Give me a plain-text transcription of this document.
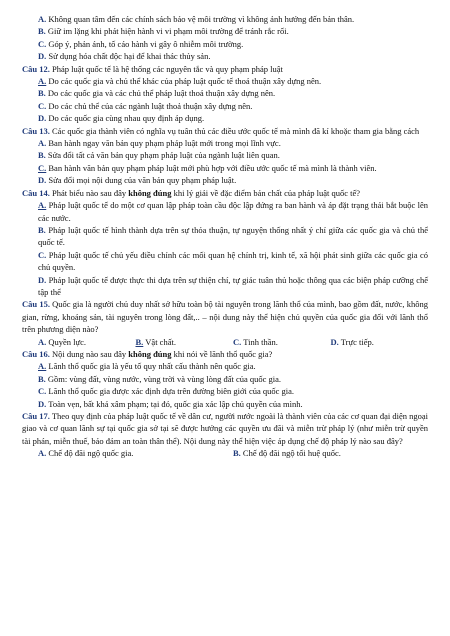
A. Không quan tâm đến các chính sách bảo vệ môi trường vì không ảnh hưởng đến bản thân.

B. Giữ im lặng khi phát hiện hành vi vi phạm môi trường để tránh rắc rối.

C. Góp ý, phản ánh, tố cáo hành vi gây ô nhiễm môi trường.

D. Sử dụng hóa chất độc hại để khai thác thủy sản.

Câu 12. Pháp luật quốc tế là hệ thống các nguyên tắc và quy phạm pháp luật

A. Do các quốc gia và chủ thể khác của pháp luật quốc tế thoả thuận xây dựng nên.

B. Do các quốc gia và các chủ thể pháp luật thoả thuận xây dựng nên.

C. Do các chủ thể của các ngành luật thoả thuận xây dựng nên.

D. Do các quốc gia cùng nhau quy định áp dụng.

Câu 13. Các quốc gia thành viên có nghĩa vụ tuân thủ các điều ước quốc tế mà mình đã kí khoặc tham gia bằng cách

A. Ban hành ngay văn bản quy phạm pháp luật mới trong mọi lĩnh vực.

B. Sửa đổi tất cả văn bản quy phạm pháp luật của ngành luật liên quan.

C. Ban hành văn bản quy phạm pháp luật mới phù hợp với điều ước quốc tế mà mình là thành viên.

D. Sửa đổi mọi nội dung của văn bản quy phạm pháp luật.

Câu 14. Phát biểu nào sau đây không đúng khi lý giải về đặc điểm bản chất của pháp luật quốc tế?

A. Pháp luật quốc tế do một cơ quan lập pháp toàn cầu độc lập đứng ra ban hành và áp đặt trạng thái bắt buộc lên các nước.

B. Pháp luật quốc tế hình thành dựa trên sự thỏa thuận, tự nguyện thống nhất ý chí giữa các quốc gia và chủ thể quốc tế.

C. Pháp luật quốc tế chủ yếu điều chỉnh các mối quan hệ chính trị, kinh tế, xã hội phát sinh giữa các quốc gia có chủ quyền.

D. Pháp luật quốc tế được thực thi dựa trên sự thiện chí, tự giác tuân thủ hoặc thông qua các biện pháp cưỡng chế tập thể

Câu 15. Quốc gia là người chủ duy nhất sở hữu toàn bộ tài nguyên trong lãnh thổ của mình, bao gồm đất, nước, không gian, rừng, khoáng sản, tài nguyên trong lòng đất,.. – nội dung này thể hiện chủ quyền của quốc gia đối với lãnh thổ trên phương diện nào?

A. Quyền lực.	B. Vật chất.	C. Tinh thần.	D. Trực tiếp.

Câu 16. Nội dung nào sau đây không đúng khi nói về lãnh thổ quốc gia?

A. Lãnh thổ quốc gia là yếu tố quy nhất cấu thành nên quốc gia.

B. Gồm: vùng đất, vùng nước, vùng trời và vùng lòng đất của quốc gia.

C. Lãnh thổ quốc gia được xác định dựa trên đường biên giới của quốc gia.

D. Toàn vẹn, bất khả xâm phạm; tại đó, quốc gia xác lập chủ quyền của mình.

Câu 17. Theo quy định của pháp luật quốc tế về dân cư, người nước ngoài là thành viên của các cơ quan đại diện ngoại giao và cơ quan lãnh sự tại quốc gia sở tại sẽ được hưởng các quyền ưu đãi và miễn trừ pháp lý (như miễn trừ quyền tài phán, miễn thuế, bảo đảm an toàn thân thể). Nội dung này thể hiện việc áp dụng chế độ pháp lý nào sau đây?

A. Chế độ đãi ngộ quốc gia.	B. Chế độ đãi ngộ tối huệ quốc.
